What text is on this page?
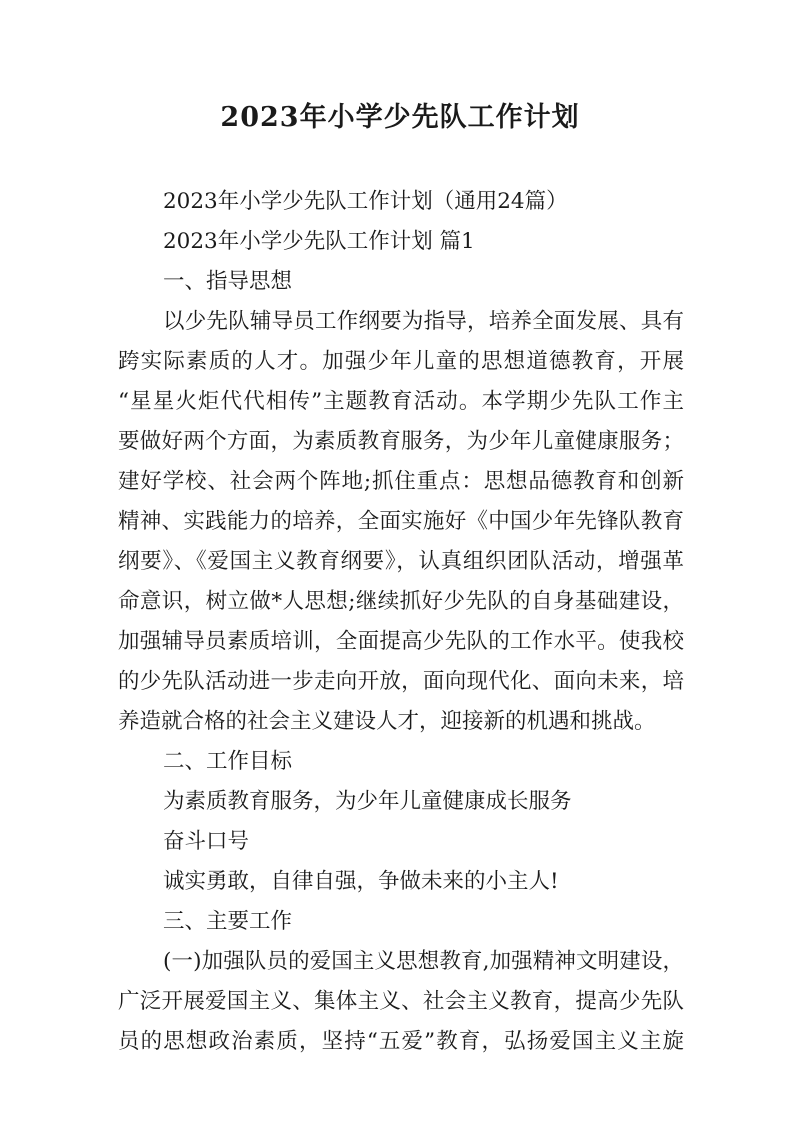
2023年小学少先队工作计划
2023年小学少先队工作计划（通用24篇）
2023年小学少先队工作计划 篇1
一、指导思想
以少先队辅导员工作纲要为指导，培养全面发展、具有
跨实际素质的人才。加强少年儿童的思想道德教育，开展
“星星火炬代代相传”主题教育活动。本学期少先队工作主
要做好两个方面，为素质教育服务，为少年儿童健康服务；
建好学校、社会两个阵地;抓住重点：思想品德教育和创新
精神、实践能力的培养，全面实施好《中国少年先锋队教育
纲要》、《爱国主义教育纲要》，认真组织团队活动，增强革
命意识，树立做*人思想;继续抓好少先队的自身基础建设，
加强辅导员素质培训，全面提高少先队的工作水平。使我校
的少先队活动进一步走向开放，面向现代化、面向未来，培
养造就合格的社会主义建设人才，迎接新的机遇和挑战。
二、工作目标
为素质教育服务，为少年儿童健康成长服务
奋斗口号
诚实勇敢，自律自强，争做未来的小主人!
三、主要工作
(一)加强队员的爱国主义思想教育,加强精神文明建设，
广泛开展爱国主义、集体主义、社会主义教育，提高少先队
员的思想政治素质，坚持“五爱”教育，弘扬爱国主义主旋
